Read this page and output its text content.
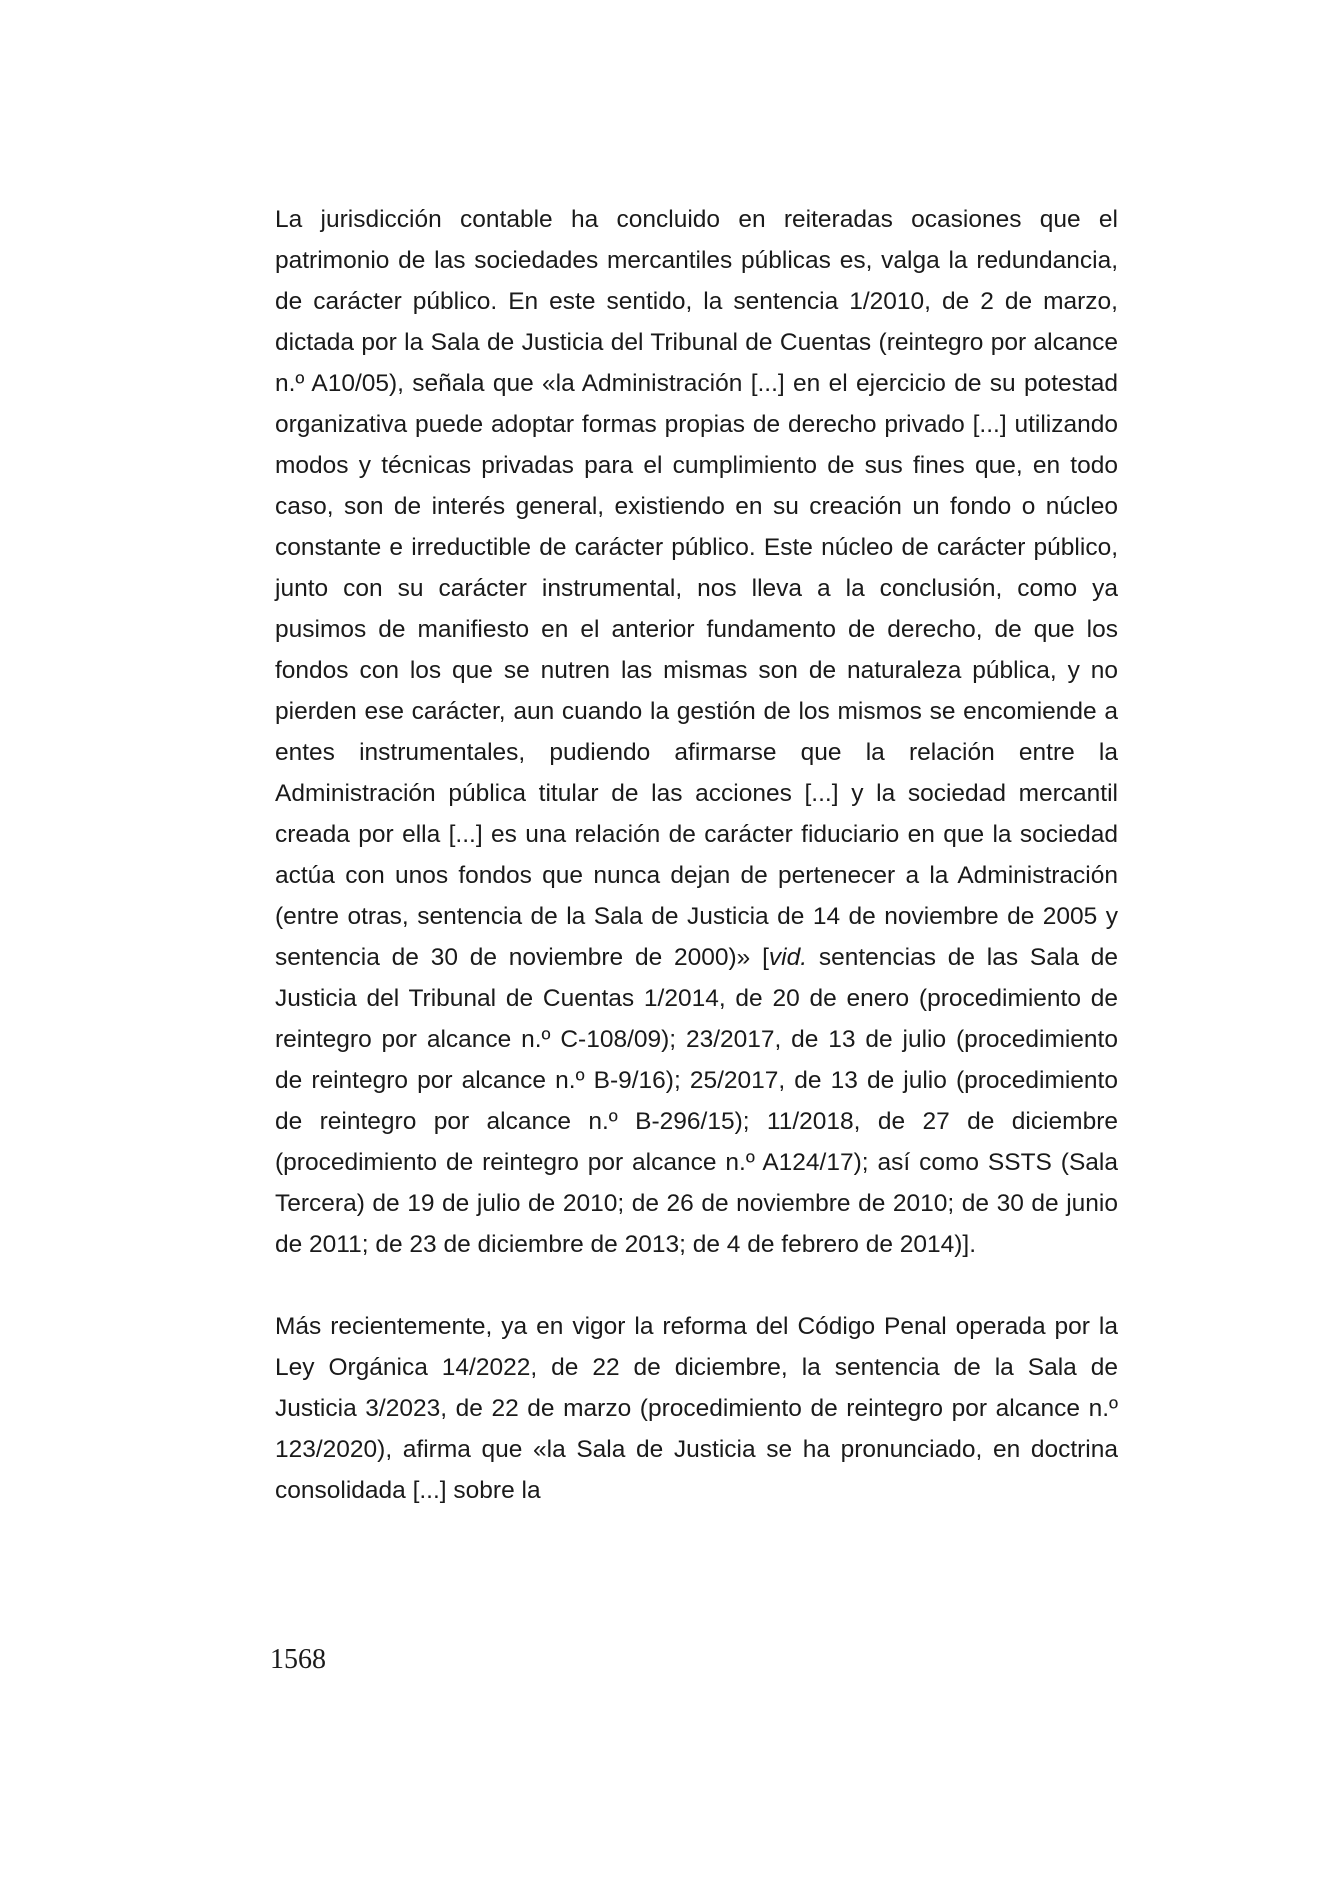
La jurisdicción contable ha concluido en reiteradas ocasiones que el patrimonio de las sociedades mercantiles públicas es, valga la redundancia, de carácter público. En este sentido, la sentencia 1/2010, de 2 de marzo, dictada por la Sala de Justicia del Tribunal de Cuentas (reintegro por alcance n.º A10/05), señala que «la Administración [...] en el ejercicio de su potestad organizativa puede adoptar formas propias de derecho privado [...] utilizando modos y técnicas privadas para el cumplimiento de sus fines que, en todo caso, son de interés general, existiendo en su creación un fondo o núcleo constante e irreductible de carácter público. Este núcleo de carácter público, junto con su carácter instrumental, nos lleva a la conclusión, como ya pusimos de manifiesto en el anterior fundamento de derecho, de que los fondos con los que se nutren las mismas son de naturaleza pública, y no pierden ese carácter, aun cuando la gestión de los mismos se encomiende a entes instrumentales, pudiendo afirmarse que la relación entre la Administración pública titular de las acciones [...] y la sociedad mercantil creada por ella [...] es una relación de carácter fiduciario en que la sociedad actúa con unos fondos que nunca dejan de pertenecer a la Administración (entre otras, sentencia de la Sala de Justicia de 14 de noviembre de 2005 y sentencia de 30 de noviembre de 2000)» [vid. sentencias de las Sala de Justicia del Tribunal de Cuentas 1/2014, de 20 de enero (procedimiento de reintegro por alcance n.º C-108/09); 23/2017, de 13 de julio (procedimiento de reintegro por alcance n.º B-9/16); 25/2017, de 13 de julio (procedimiento de reintegro por alcance n.º B-296/15); 11/2018, de 27 de diciembre (procedimiento de reintegro por alcance n.º A124/17); así como SSTS (Sala Tercera) de 19 de julio de 2010; de 26 de noviembre de 2010; de 30 de junio de 2011; de 23 de diciembre de 2013; de 4 de febrero de 2014)].

Más recientemente, ya en vigor la reforma del Código Penal operada por la Ley Orgánica 14/2022, de 22 de diciembre, la sentencia de la Sala de Justicia 3/2023, de 22 de marzo (procedimiento de reintegro por alcance n.º 123/2020), afirma que «la Sala de Justicia se ha pronunciado, en doctrina consolidada [...] sobre la

1568
